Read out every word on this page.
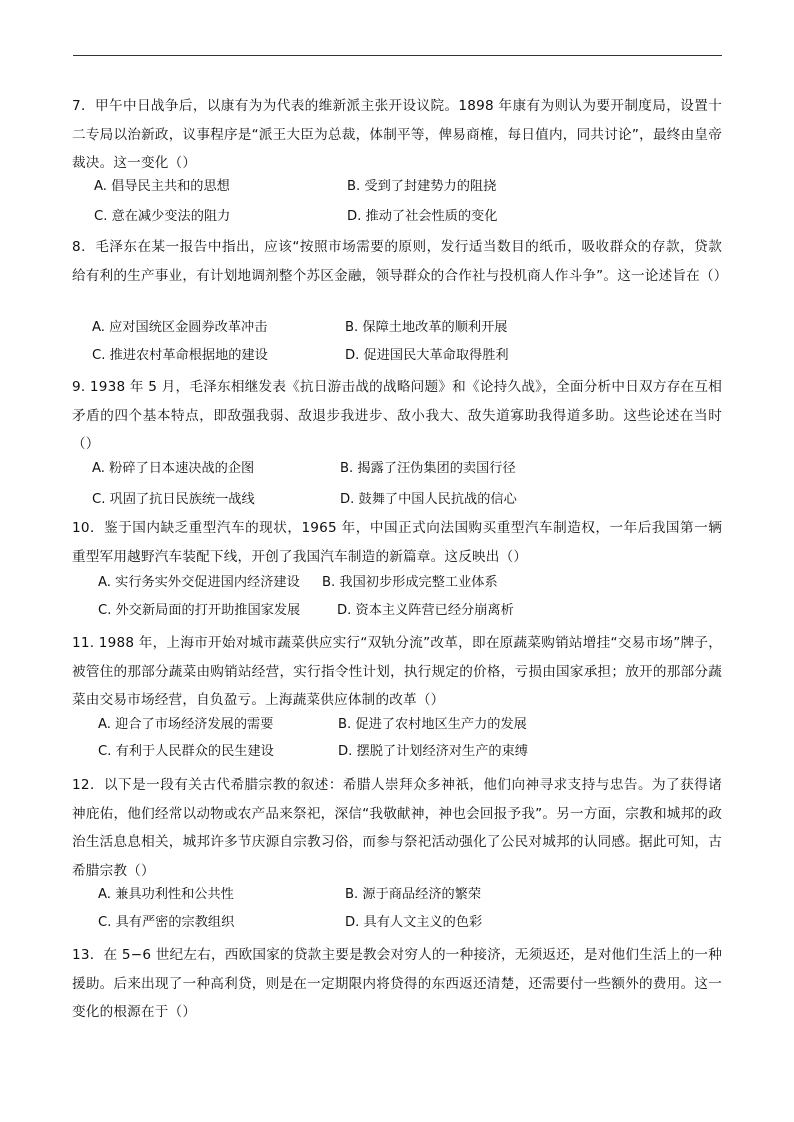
7．甲午中日战争后，以康有为为代表的维新派主张开设议院。1898 年康有为则认为要开制度局，设置十二专局以治新政，议事程序是“派王大臣为总裁，体制平等，俾易商榷，每日值内，同共讨论”，最终由皇帝裁决。这一变化（）
A. 倡导民主共和的思想	B. 受到了封建势力的阻挠
C. 意在减少变法的阻力	D. 推动了社会性质的变化
8．毛泽东在某一报告中指出，应该“按照市场需要的原则，发行适当数目的纸币，吸收群众的存款，贷款给有利的生产事业，有计划地调剂整个苏区金融，领导群众的合作社与投机商人作斗争”。这一论述旨在（）
A. 应对国统区金圆券改革冲击	B. 保障土地改革的顺利开展
C. 推进农村革命根据地的建设	D. 促进国民大革命取得胜利
9. 1938 年 5 月，毛泽东相继发表《抗日游击战的战略问题》和《论持久战》，全面分析中日双方存在互相矛盾的四个基本特点，即敌强我弱、敌退步我进步、敌小我大、敌失道寡助我得道多助。这些论述在当时（）
A. 粉碎了日本速决战的企图	B. 揭露了汪伪集团的卖国行径
C. 巩固了抗日民族统一战线	D. 鼓舞了中国人民抗战的信心
10．鉴于国内缺乏重型汽车的现状，1965 年，中国正式向法国购买重型汽车制造权，一年后我国第一辆重型军用越野汽车装配下线，开创了我国汽车制造的新篇章。这反映出（）
A. 实行务实外交促进国内经济建设 B. 我国初步形成完整工业体系
C. 外交新局面的打开助推国家发展	D. 资本主义阵营已经分崩离析
11. 1988 年，上海市开始对城市蔬菜供应实行“双轨分流”改革，即在原蔬菜购销站增挂“交易市场”牌子，被管住的那部分蔬菜由购销站经营，实行指令性计划，执行规定的价格，亏损由国家承担；放开的那部分蔬菜由交易市场经营，自负盈亏。上海蔬菜供应体制的改革（）
A. 迎合了市场经济发展的需要	B. 促进了农村地区生产力的发展
C. 有利于人民群众的民生建设	D. 摆脱了计划经济对生产的束缚
12．以下是一段有关古代希腊宗教的叙述：希腊人崇拜众多神祇，他们向神寻求支持与忠告。为了获得诸神庇佑，他们经常以动物或农产品来祭祀，深信“我敬献神，神也会回报予我”。另一方面，宗教和城邦的政治生活息息相关，城邦许多节庆源自宗教习俗，而参与祭祀活动强化了公民对城邦的认同感。据此可知，古希腊宗教（）
A. 兼具功利性和公共性	B. 源于商品经济的繁荣
C. 具有严密的宗教组织	D. 具有人文主义的色彩
13．在 5−6 世纪左右，西欧国家的贷款主要是教会对穷人的一种接济，无须返还，是对他们生活上的一种援助。后来出现了一种高利贷，则是在一定期限内将贷得的东西返还清楚，还需要付一些额外的费用。这一变化的根源在于（）
